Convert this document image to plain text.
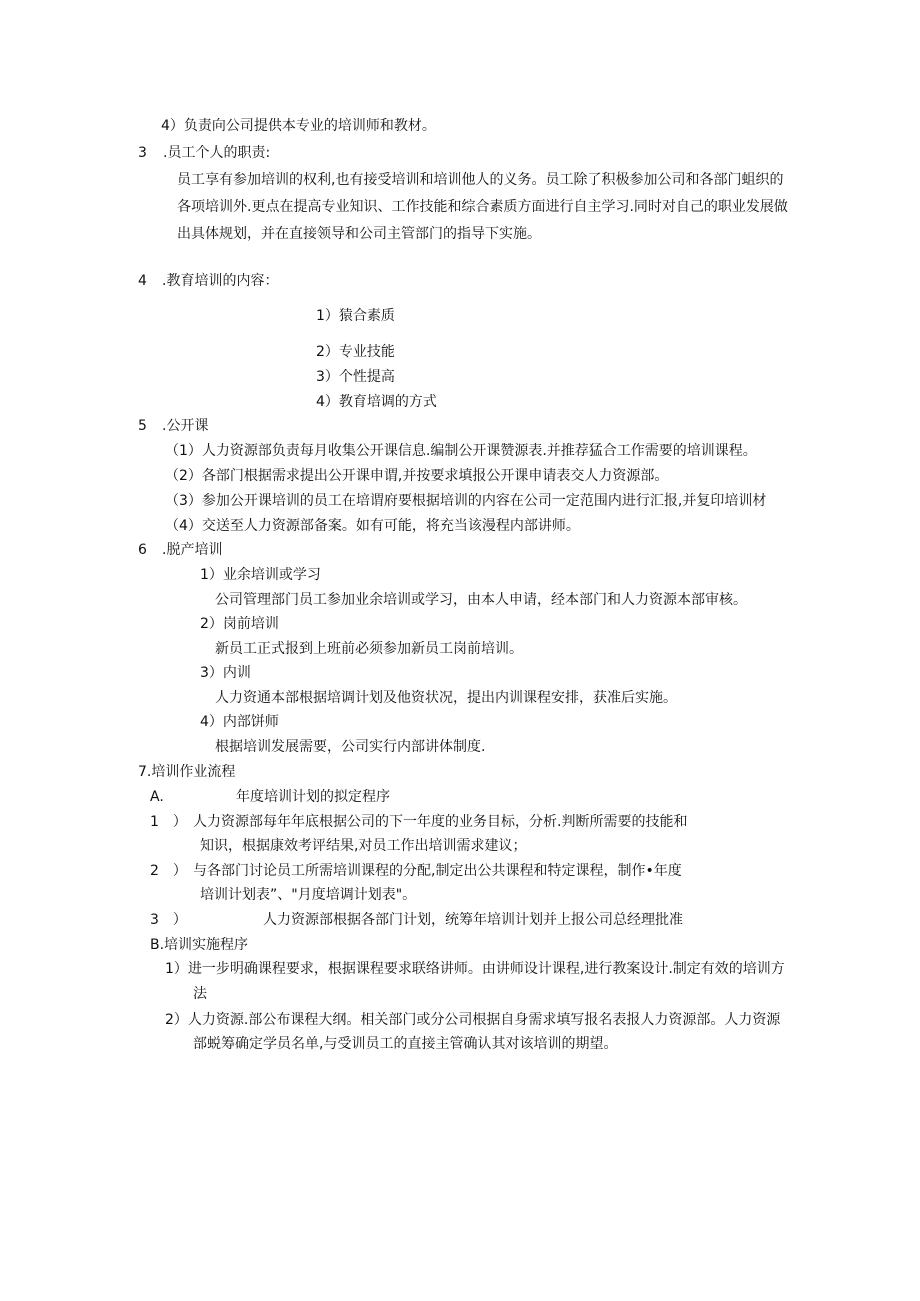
4）负责向公司提供本专业的培训师和教材。
3 .员工个人的职责:
员工享有参加培训的权利,也有接受培训和培训他人的义务。员工除了积极参加公司和各部门蛆织的
各项培训外.更点在提高专业知识、工作技能和综合素质方面进行自主学习.同时对自己的职业发展做
出具体规划，并在直接领导和公司主管部门的指导下实施。
4 .教育培训的内容：
1）猿合素质
2）专业技能
3）个性提高
4）教育培调的方式
5 .公开课
（1）人力资源部负责每月收集公开课信息.编制公开课赞源表.并推荐猛合工作需要的培训课程。
（2）各部门根据需求提出公开课申谓,并按要求填报公开课申请表交人力资源部。
（3）参加公开课培训的员工在培谓府要根据培训的内容在公司一定范围内进行汇报,并复印培训材
（4）交送至人力资源部备案。如有可能，将充当该漫程内部讲师。
6 .脱产培训
1）业余培训或学习
公司管理部门员工参加业余培训或学习，由本人申请，经本部门和人力资源本部审核。
2）岗前培训
新员工正式报到上班前必须参加新员工岗前培训。
3）内训
人力资通本部根据培调计划及他资状况，提出内训课程安排，获准后实施。
4）内部饼师
根据培训发展需要，公司实行内部讲体制度.
7.培训作业流程
A.	年度培训计划的拟定程序
1　） 人力资源部每年年底根据公司的下一年度的业务目标，分析.判断所需要的技能和
知识，根据康效考评结果,对员工作出培训需求建议；
2　） 与各部门讨论员工所需培训课程的分配,制定出公共课程和特定课程，制作•年度
培训计划表”、"月度培调计划表"。
3　）	人力资源部根据各部门计划，统筹年培训计划并上报公司总经理批准
B.培训实施程序
1）进一步明确课程要求，根据课程要求联络讲师。由讲师设计课程,进行教案设计.制定有效的培训方
法
2）人力资源.部公布课程大纲。相关部门或分公司根据自身需求填写报名表报人力资源部。人力资源
部蜕筹确定学员名单,与受训员工的直接主管确认其对该培训的期望。
